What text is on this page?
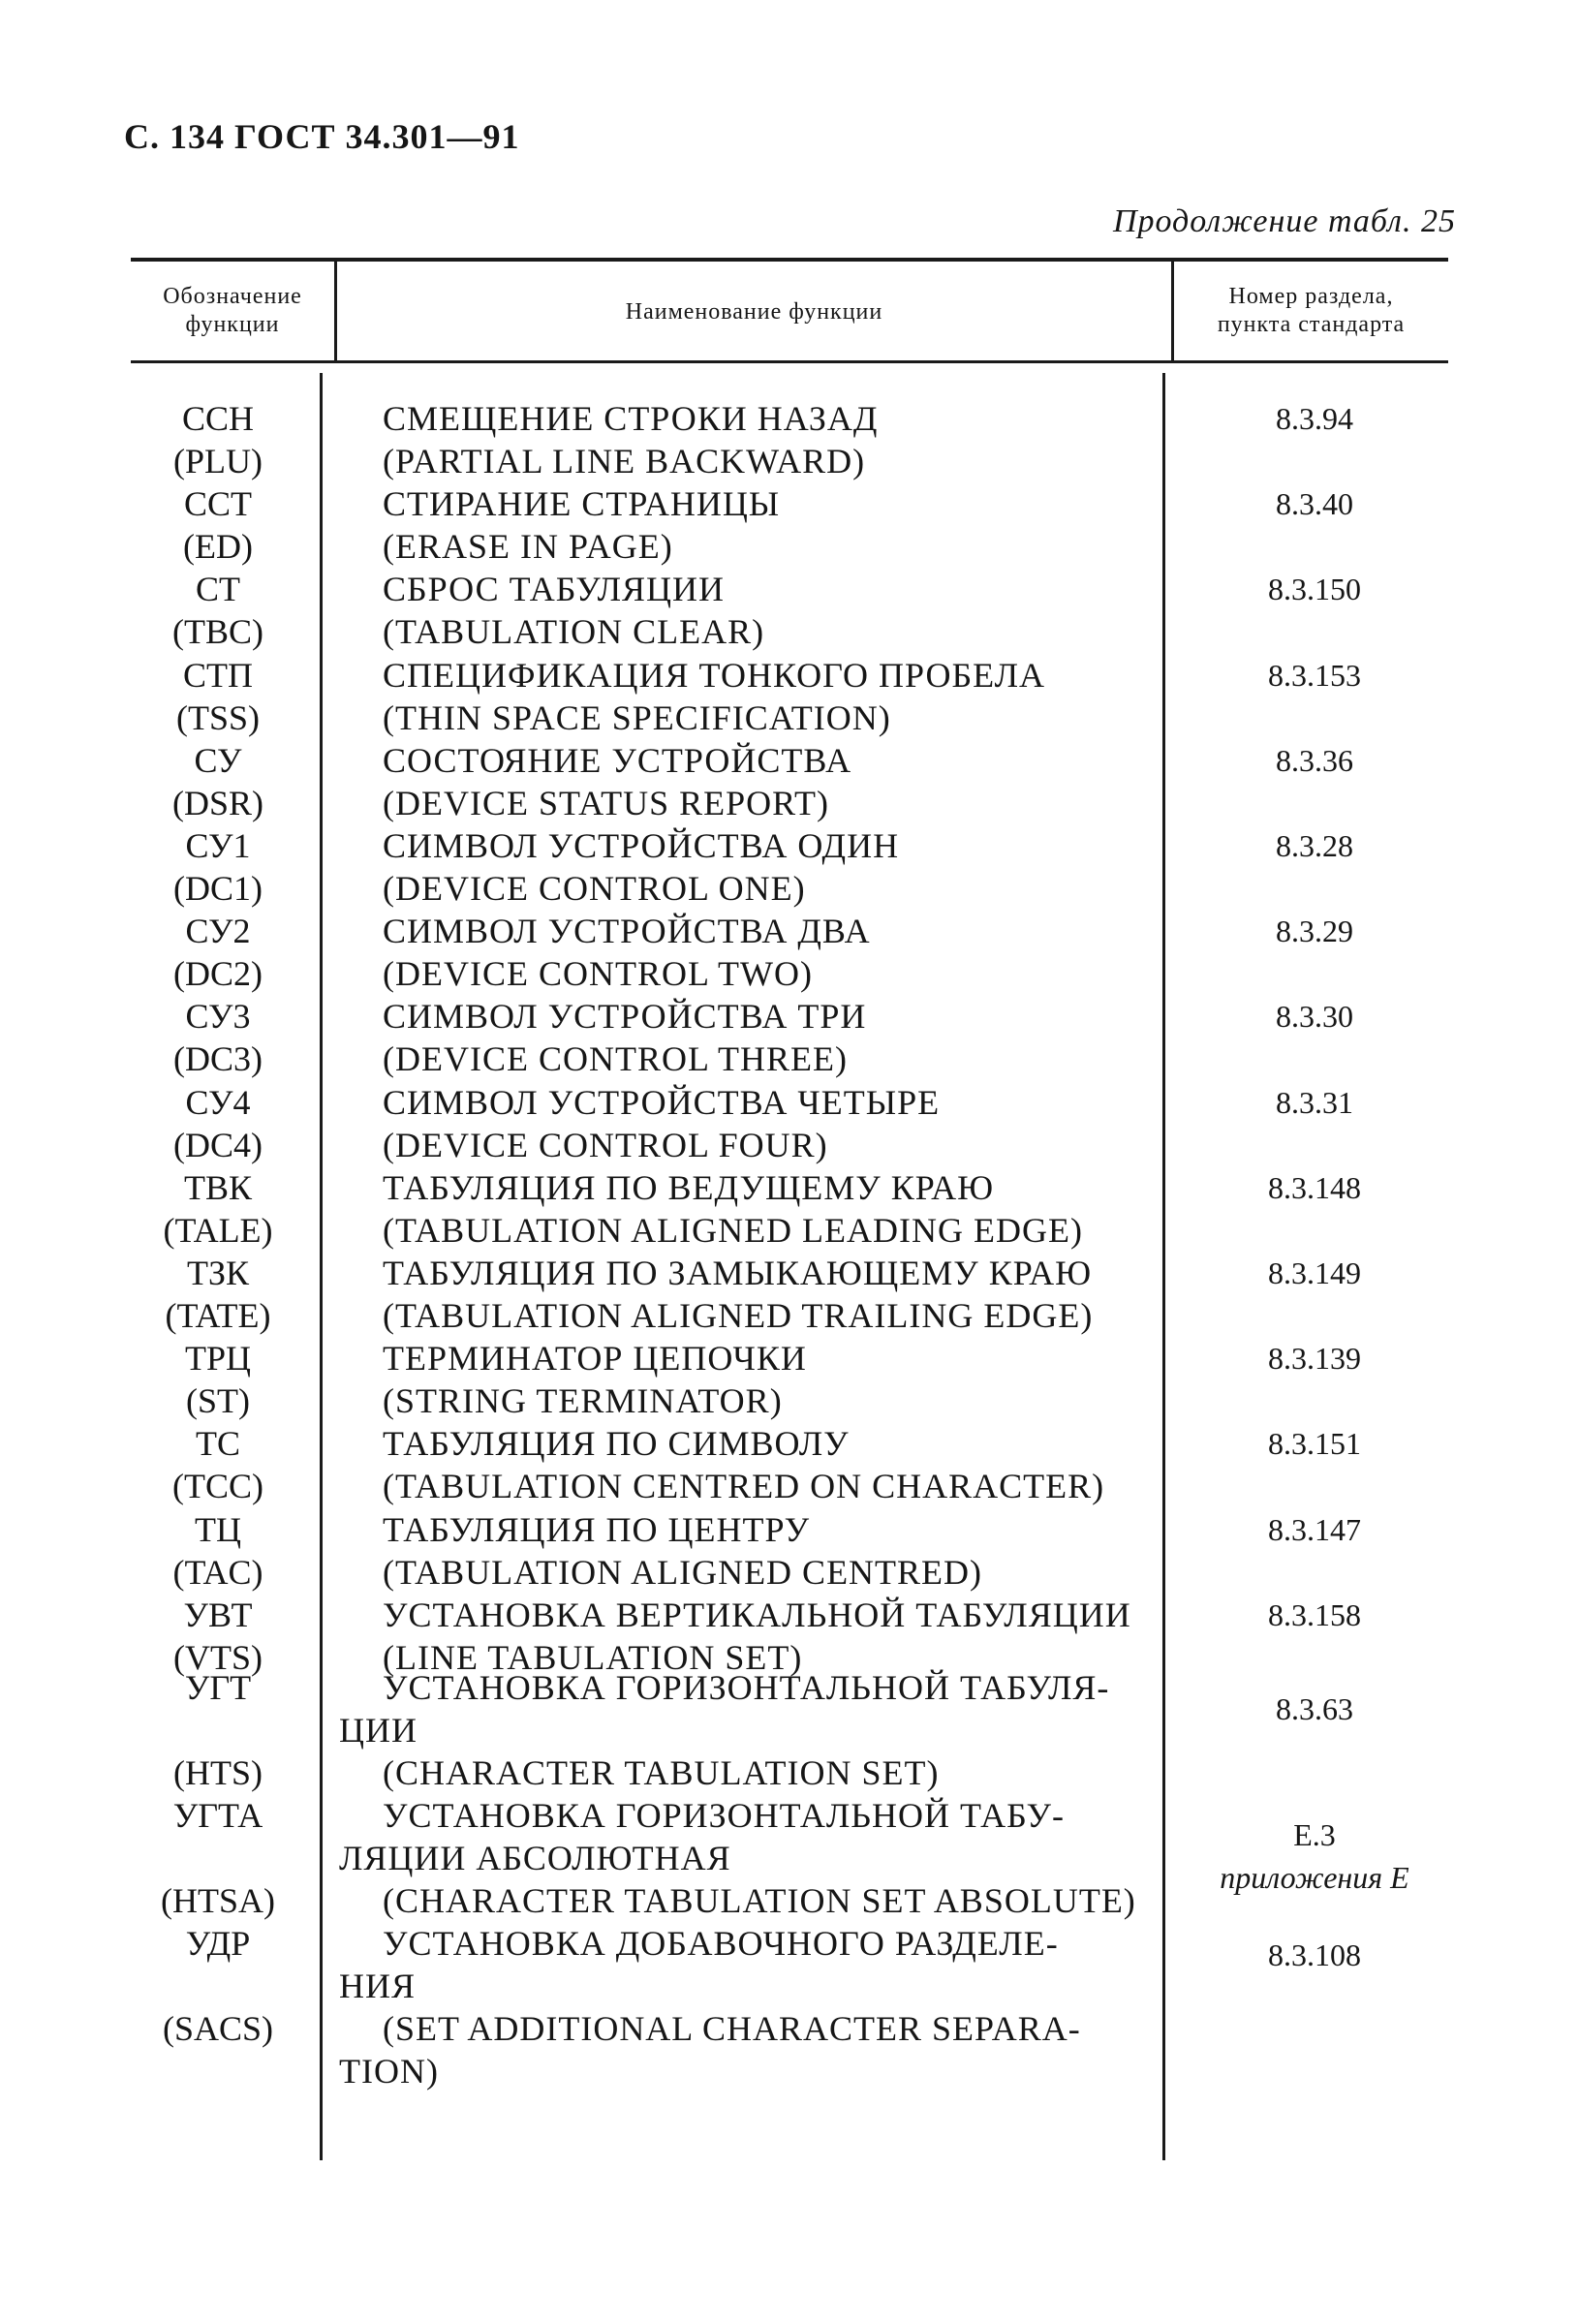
С. 134 ГОСТ 34.301—91
Продолжение табл. 25
Обозначение
функции	Наименование функции
Номер раздела,
пункта стандарта
ССН
(PLU)
СМЕЩЕНИЕ СТРОКИ НАЗАД
(PARTIAL LINE BACKWARD)
8.3.94
ССТ
(ED)
СТИРАНИЕ СТРАНИЦЫ
(ERASE IN PAGE)
8.3.40
СТ
(TBC)
СБРОС ТАБУЛЯЦИИ
(TABULATION CLEAR)
8.3.150
СТП
(TSS)
СПЕЦИФИКАЦИЯ ТОНКОГО ПРОБЕЛА
(THIN SPACE SPECIFICATION)
8.3.153
СУ
(DSR)
СОСТОЯНИЕ УСТРОЙСТВА
(DEVICE STATUS REPORT)
8.3.36
СУ1
(DC1)
СИМВОЛ УСТРОЙСТВА ОДИН
(DEVICE CONTROL ONE)
8.3.28
СУ2
(DC2)
СИМВОЛ УСТРОЙСТВА ДВА
(DEVICE CONTROL TWO)
8.3.29
СУ3
(DC3)
СИМВОЛ УСТРОЙСТВА ТРИ
(DEVICE CONTROL THREE)
8.3.30
СУ4
(DC4)
СИМВОЛ УСТРОЙСТВА ЧЕТЫРЕ
(DEVICE CONTROL FOUR)
8.3.31
ТВК
(TALE)
ТАБУЛЯЦИЯ ПО ВЕДУЩЕМУ КРАЮ
(TABULATION ALIGNED LEADING EDGE)
8.3.148
ТЗК
(TATE)
ТАБУЛЯЦИЯ ПО ЗАМЫКАЮЩЕМУ КРАЮ
(TABULATION ALIGNED TRAILING EDGE)
8.3.149
ТРЦ
(ST)
ТЕРМИНАТОР ЦЕПОЧКИ
(STRING TERMINATOR)
8.3.139
ТС
(TCC)
ТАБУЛЯЦИЯ ПО СИМВОЛУ
(TABULATION CENTRED ON CHARACTER)
8.3.151
ТЦ
(TAC)
ТАБУЛЯЦИЯ ПО ЦЕНТРУ
(TABULATION ALIGNED CENTRED)
8.3.147
УВТ
(VTS)
УСТАНОВКА ВЕРТИКАЛЬНОЙ ТАБУЛЯЦИИ
(LINE TABULATION SET)
8.3.158
УГТ
(HTS)
УСТАНОВКА ГОРИЗОНТАЛЬНОЙ ТАБУЛЯ-
ЦИИ
(CHARACTER TABULATION SET)
8.3.63
УГТА
(HTSA)
УСТАНОВКА ГОРИЗОНТАЛЬНОЙ ТАБУ-
ЛЯЦИИ АБСОЛЮТНАЯ
(CHARACTER TABULATION SET ABSOLUTE)
Е.3
приложения Е
УДР
(SACS)
УСТАНОВКА ДОБАВОЧНОГО РАЗДЕЛЕ-
НИЯ
(SET ADDITIONAL CHARACTER SEPARA-
TION)
8.3.108
